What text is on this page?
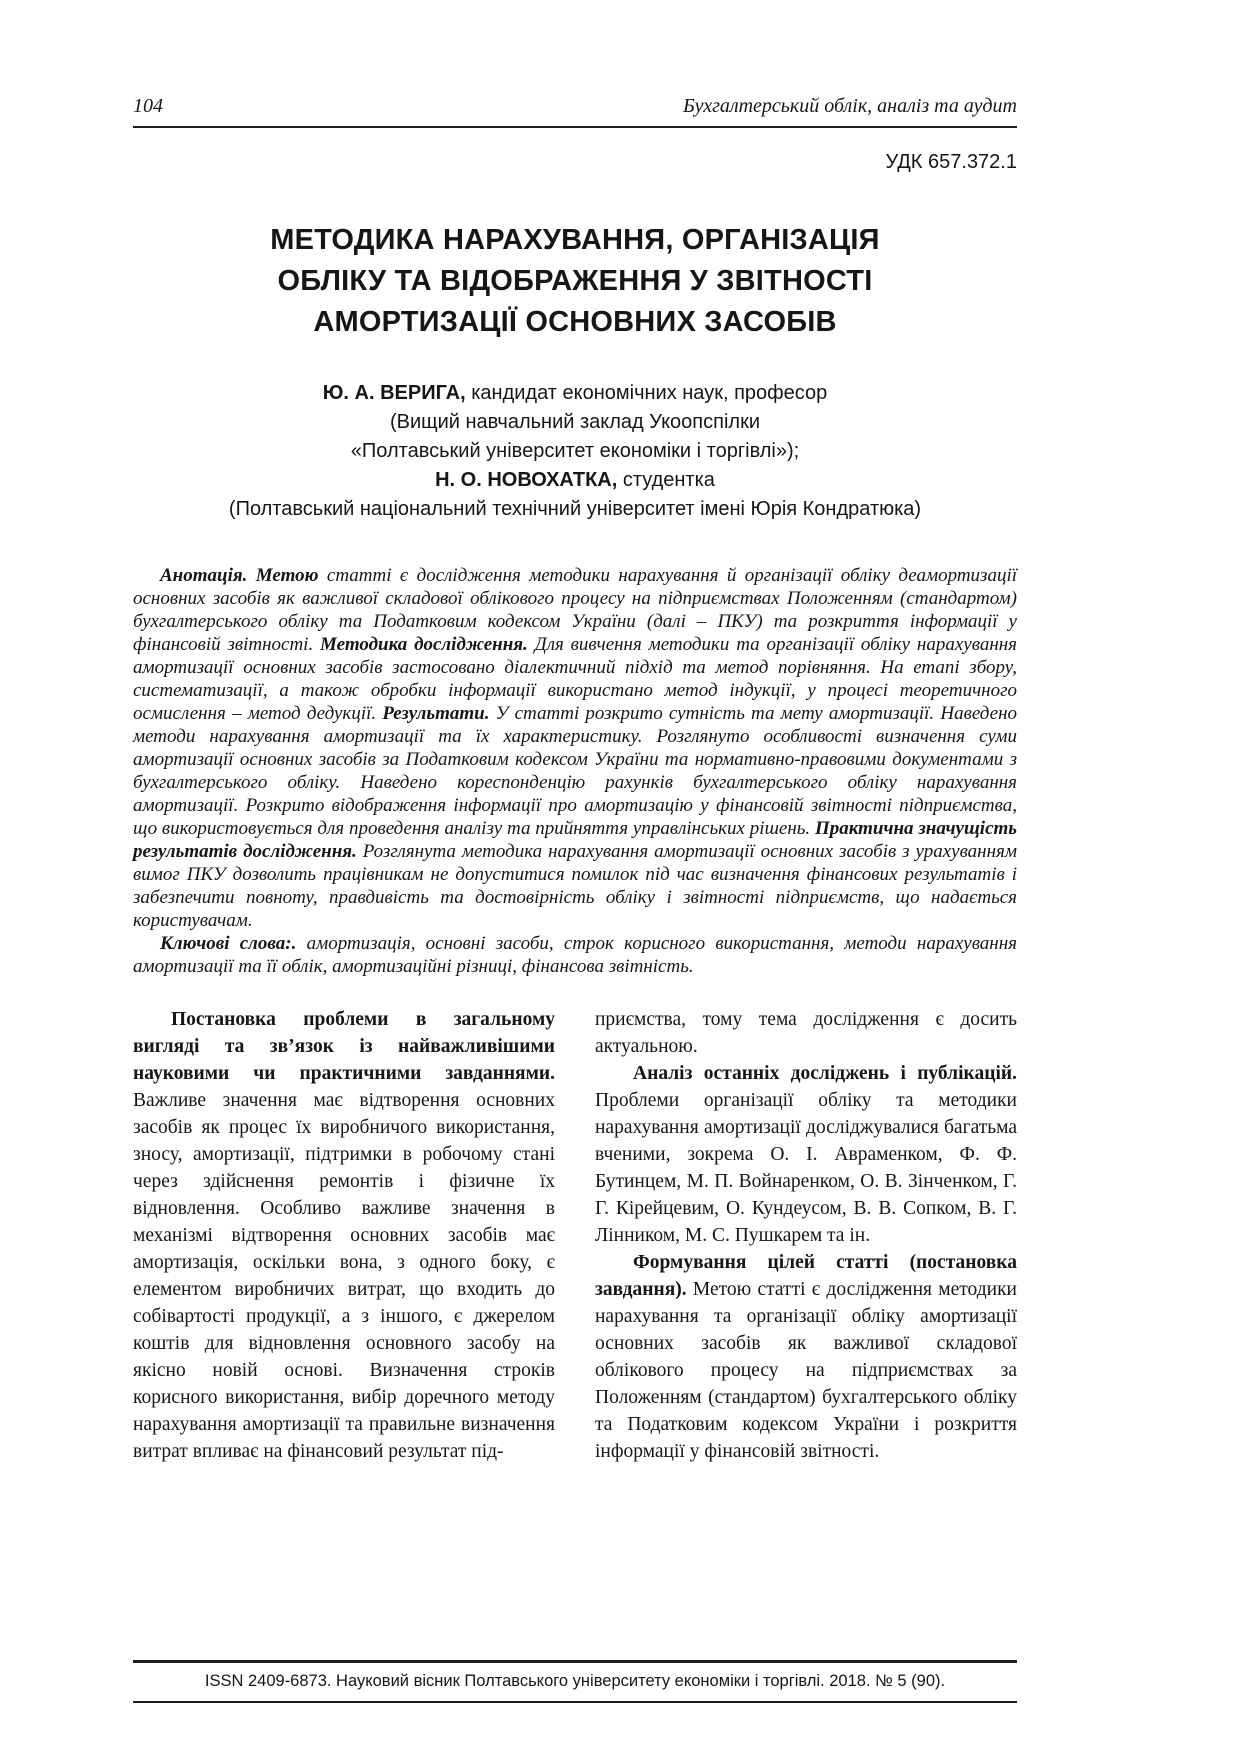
104	Бухгалтерський облік, аналіз та аудит
УДК 657.372.1
МЕТОДИКА НАРАХУВАННЯ, ОРГАНІЗАЦІЯ
ОБЛІКУ ТА ВІДОБРАЖЕННЯ У ЗВІТНОСТІ
АМОРТИЗАЦІЇ ОСНОВНИХ ЗАСОБІВ
Ю. А. ВЕРИГА, кандидат економічних наук, професор
(Вищий навчальний заклад Укоопспілки
«Полтавський університет економіки і торгівлі»);
Н. О. НОВОХАТКА, студентка
(Полтавський національний технічний університет імені Юрія Кондратюка)

Анотація. Метою статті є дослідження методики нарахування й організації обліку деамортизації основних засобів як важливої складової облікового процесу на підприємствах Положенням (стандартом) бухгалтерського обліку та Податковим кодексом України (далі – ПКУ) та розкриття інформації у фінансовій звітності. Методика дослідження. Для вивчення методики та організації обліку нарахування амортизації основних засобів застосовано діалектичний підхід та метод порівняння. На етапі збору, систематизації, а також обробки інформації використано метод індукції, у процесі теоретичного осмислення – метод дедукції. Результати. У статті розкрито сутність та мету амортизації. Наведено методи нарахування амортизації та їх характеристику. Розглянуто особливості визначення суми амортизації основних засобів за Податковим кодексом України та нормативно-правовими документами з бухгалтерського обліку. Наведено кореспонденцію рахунків бухгалтерського обліку нарахування амортизації. Розкрито відображення інформації про амортизацію у фінансовій звітності підприємства, що використовується для проведення аналізу та прийняття управлінських рішень. Практична значущість результатів дослідження. Розглянута методика нарахування амортизації основних засобів з урахуванням вимог ПКУ дозволить працівникам не допуститися помилок під час визначення фінансових результатів і забезпечити повноту, правдивість та достовірність обліку і звітності підприємств, що надається користувачам.

Ключові слова:. амортизація, основні засоби, строк корисного використання, методи нарахування амортизації та її облік, амортизаційні різниці, фінансова звітність.

Постановка проблеми в загальному вигляді та зв’язок із найважливішими науковими чи практичними завданнями. Важливе значення має відтворення основних засобів як процес їх виробничого використання, зносу, амортизації, підтримки в робочому стані через здійснення ремонтів і фізичне їх відновлення. Особливо важливе значення в механізмі відтворення основних засобів має амортизація, оскільки вона, з одного боку, є елементом виробничих витрат, що входить до собівартості продукції, а з іншого, є джерелом коштів для відновлення основного засобу на якісно новій основі. Визначення строків корисного використання, вибір доречного методу нарахування амортизації та правильне визначення витрат впливає на фінансовий результат під-

приємства, тому тема дослідження є досить актуальною.

Аналіз останніх досліджень і публікацій. Проблеми організації обліку та методики нарахування амортизації досліджувалися багатьма вченими, зокрема О. І. Авраменком, Ф. Ф. Бутинцем, М. П. Войнаренком, О. В. Зінченком, Г. Г. Кірейцевим, О. Кундеусом, В. В. Сопком, В. Г. Лінником, М. С. Пушкарем та ін.

Формування цілей статті (постановка завдання). Метою статті є дослідження методики нарахування та організації обліку амортизації основних засобів як важливої складової облікового процесу на підприємствах за Положенням (стандартом) бухгалтерського обліку та Податковим кодексом України і розкриття інформації у фінансовій звітності.

ISSN 2409-6873. Науковий вісник Полтавського університету економіки і торгівлі. 2018. № 5 (90).
